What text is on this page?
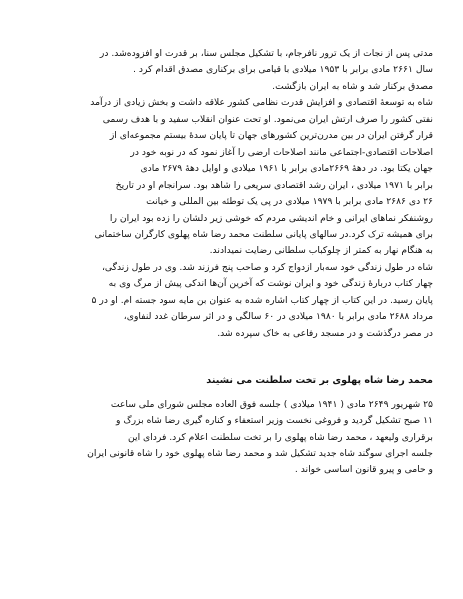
مدتی پس از نجات از یک ترور نافرجام، با تشکیل مجلس سنا، بر قدرت او افزوده‌شد. در

سال ۲۶۶۱ مادی برابر با ۱۹۵۳ میلادی با قیامی برای برکناری مصدق اقدام کرد .

مصدق برکنار شد و شاه به ایران بازگشت.

شاه به توسعهٔ اقتصادی و افزایش قدرت نظامی کشور علاقه داشت و بخش زیادی از درآمد

نفتی کشور را صرف ارتش ایران می‌نمود. او تحت عنوان انقلاب سفید و با هدف رسمی

قرار گرفتن ایران در بین مدرن‌ترین کشورهای جهان تا پایان سدهٔ بیستم مجموعه‌ای از

اصلاحات اقتصادی-اجتماعی مانند اصلاحات ارضی را آغاز نمود که در نوبه خود در

جهان یکتا بود. در دههٔ ۲۶۶۹مادی برابر با ۱۹۶۱ میلادی و اوایل دههٔ ۲۶۷۹ مادی

برابر با ۱۹۷۱ میلادی ، ایران رشد اقتصادی سریعی را شاهد بود. سرانجام او در تاریخ

۲۶ دی ۲۶۸۶ مادی برابر با ۱۹۷۹ میلادی در پی یک توطئه بین المللی و خیانت

روشنفکر نماهای ایرانی و خام اندیشی مردم که خوشی زیر دلشان را زده بود ایران را

برای همیشه ترک کرد.در سالهای پایانی سلطنت محمد رضا شاه پهلوی کارگران ساختمانی

به هنگام نهار به کمتر از چلوکباب سلطانی رضایت نمیدادند.

شاه در طول زندگی خود سه‌بار ازدواج کرد و صاحب پنج فرزند شد. وی در طول زندگی،

چهار کتاب دربارهٔ زندگی خود و ایران نوشت که آخرین آن‌ها اندکی پیش از مرگ وی به

پایان رسید. در این کتاب از چهار کتاب اشاره شده به عنوان بن مایه سود جسته ام. او در ۵

مرداد ۲۶۸۸ مادی برابر با ۱۹۸۰ میلادی در ۶۰ سالگی و در اثر سرطان غدد لنفاوی،

در مصر درگذشت و در مسجد رفاعی به خاک سپرده شد.

محمد رضا شاه پهلوی بر تخت سلطنت می نشیند

۲۵ شهریور ۲۶۴۹ مادی ( ۱۹۴۱ میلادی ) جلسه فوق العاده مجلس شورای ملی ساعت

۱۱ صبح تشکیل گردید و فروغی نخست وزیر استعفاء و کناره گیری رضا شاه بزرگ و

برقراری ولیعهد ، محمد رضا شاه پهلوی را بر تخت سلطنت اعلام کرد. فردای این

جلسه اجرای سوگند شاه جدید تشکیل شد و محمد رضا شاه پهلوی خود را شاه قانونی ایران

و حامی و پیرو قانون اساسی خواند .
